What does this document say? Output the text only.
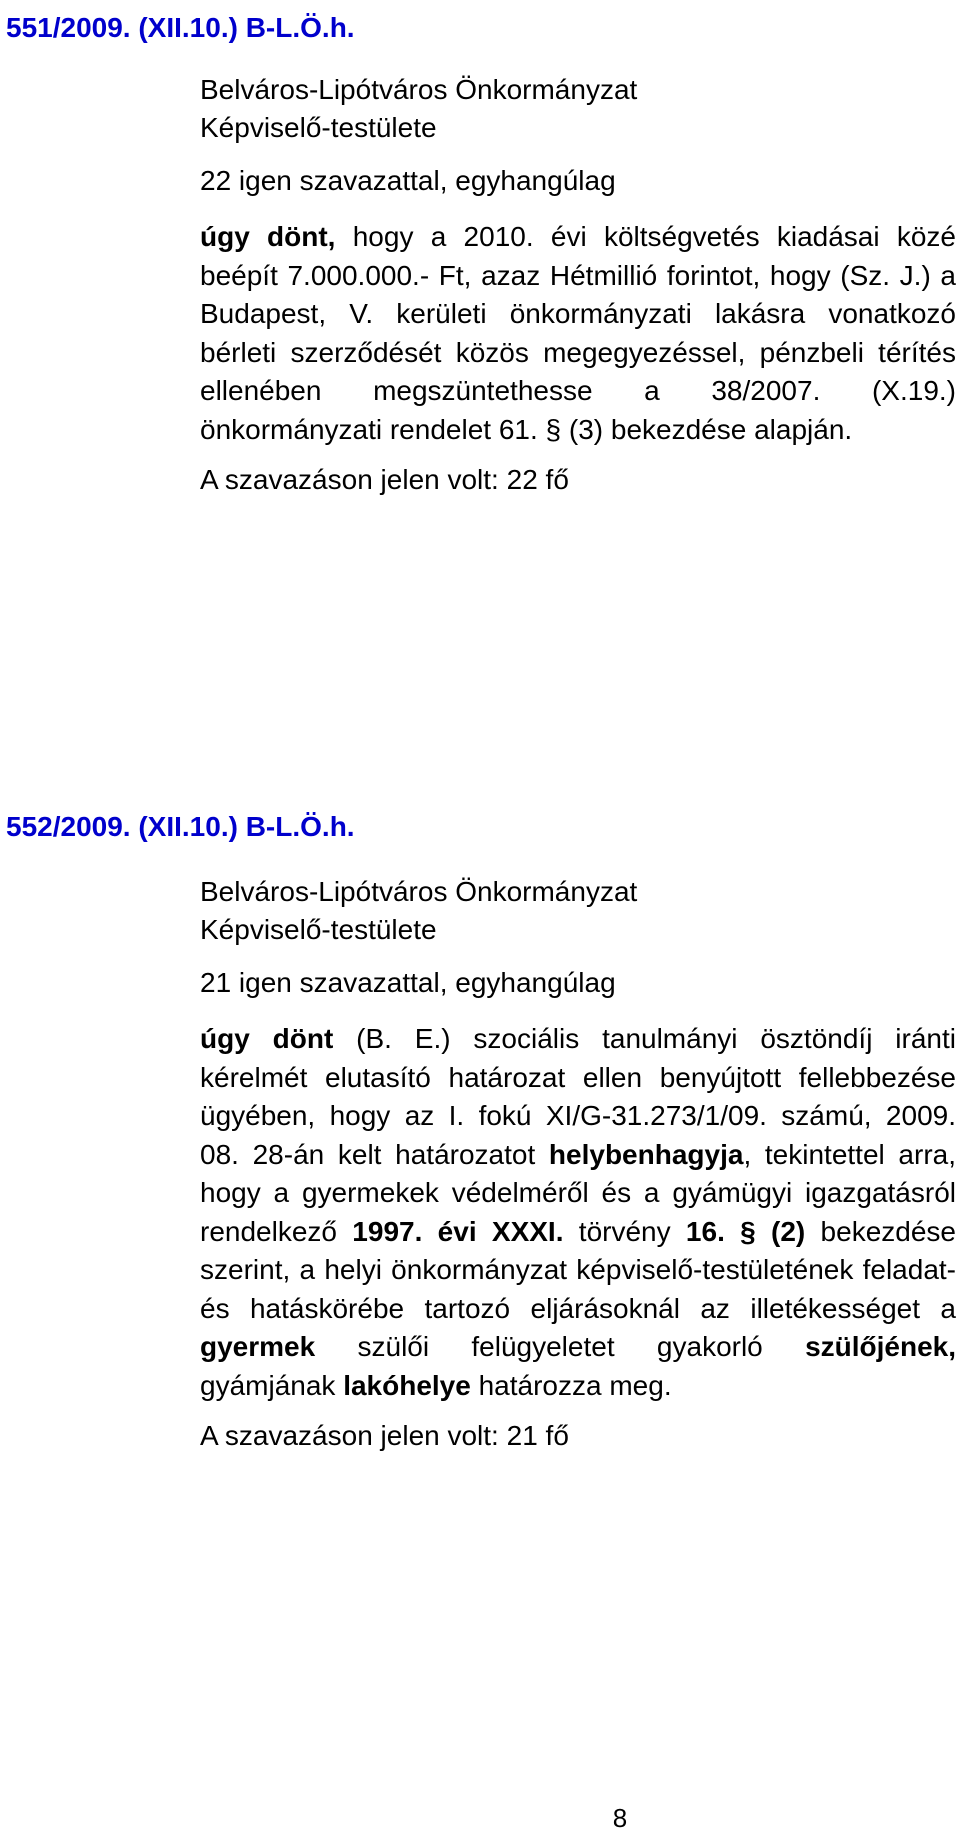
551/2009. (XII.10.) B-L.Ö.h.
Belváros-Lipótváros Önkormányzat
Képviselő-testülete
22 igen szavazattal, egyhangúlag
úgy dönt, hogy a 2010. évi költségvetés kiadásai közé beépít 7.000.000.- Ft, azaz Hétmillió forintot, hogy (Sz. J.) a Budapest, V. kerületi önkormányzati lakásra vonatkozó bérleti szerződését közös megegyezéssel, pénzbeli térítés ellenében megszüntethesse a 38/2007. (X.19.) önkormányzati rendelet 61. § (3) bekezdése alapján.
A szavazáson jelen volt: 22 fő
552/2009. (XII.10.) B-L.Ö.h.
Belváros-Lipótváros Önkormányzat
Képviselő-testülete
21 igen szavazattal, egyhangúlag
úgy dönt (B. E.) szociális tanulmányi ösztöndíj iránti kérelmét elutasító határozat ellen benyújtott fellebbezése ügyében, hogy az I. fokú XI/G-31.273/1/09. számú, 2009. 08. 28-án kelt határozatot helybenhagyja, tekintettel arra, hogy a gyermekek védelméről és a gyámügyi igazgatásról rendelkező 1997. évi XXXI. törvény 16. § (2) bekezdése szerint, a helyi önkormányzat képviselő-testületének feladat- és hatáskörébe tartozó eljárásoknál az illetékességet a gyermek szülői felügyeletet gyakorló szülőjének, gyámjának lakóhelye határozza meg.
A szavazáson jelen volt: 21 fő
8
